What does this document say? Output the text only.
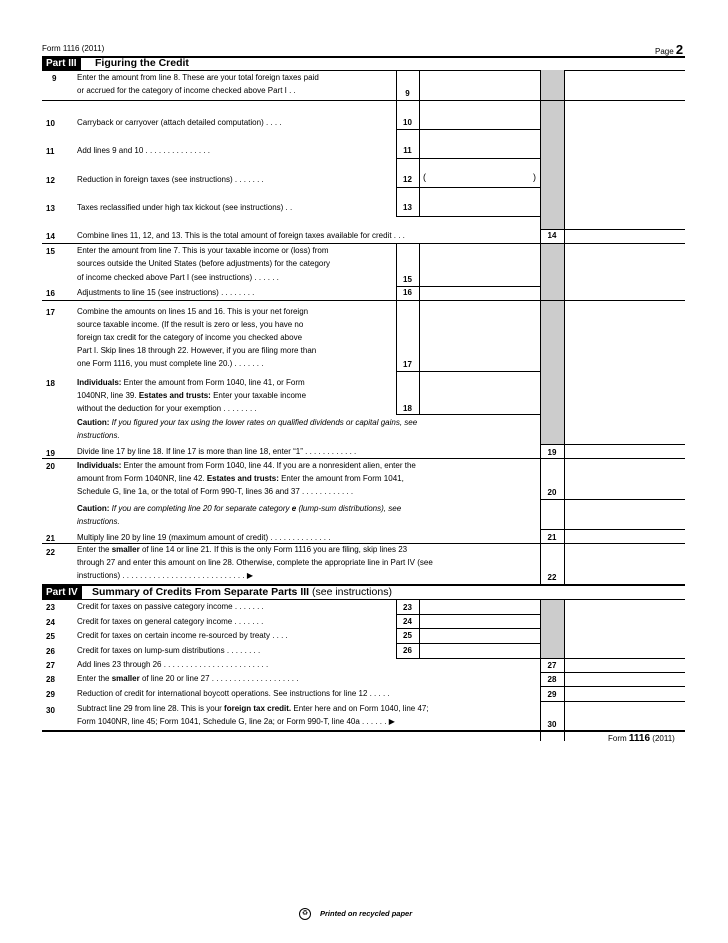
Form 1116 (2011)	Page 2
Part III	Figuring the Credit
9	Enter the amount from line 8. These are your total foreign taxes paid
or accrued for the category of income checked above Part I . .	9
10	Carryback or carryover (attach detailed computation) . . . .	10
11	Add lines 9 and 10 . . . . . . . . . . . . . . .	11
12	Reduction in foreign taxes (see instructions) . . . . . . .	12	(	)
13	Taxes reclassified under high tax kickout (see instructions) . .	13
14	Combine lines 11, 12, and 13. This is the total amount of foreign taxes available for credit . . .	14
15	Enter the amount from line 7. This is your taxable income or (loss) from
sources outside the United States (before adjustments) for the category
of income checked above Part I (see instructions) . . . . . .	15
16	Adjustments to line 15 (see instructions) . . . . . . . .	16
17	Combine the amounts on lines 15 and 16. This is your net foreign
source taxable income. (If the result is zero or less, you have no
foreign tax credit for the category of income you checked above
Part I. Skip lines 18 through 22. However, if you are filing more than
one Form 1116, you must complete line 20.) . . . . . . .	17
18	Individuals: Enter the amount from Form 1040, line 41, or Form
1040NR, line 39. Estates and trusts: Enter your taxable income
without the deduction for your exemption . . . . . . . .	18
Caution: If you figured your tax using the lower rates on qualified dividends or capital gains, see
instructions.
19	Divide line 17 by line 18. If line 17 is more than line 18, enter “1” . . . . . . . . . . . .	19
20	Individuals: Enter the amount from Form 1040, line 44. If you are a nonresident alien, enter the
amount from Form 1040NR, line 42. Estates and trusts: Enter the amount from Form 1041,
Schedule G, line 1a, or the total of Form 990-T, lines 36 and 37 . . . . . . . . . . . .	20
Caution: If you are completing line 20 for separate category e (lump-sum distributions), see
instructions.
21	Multiply line 20 by line 19 (maximum amount of credit) . . . . . . . . . . . . . .	21
22	Enter the smaller of line 14 or line 21. If this is the only Form 1116 you are filing, skip lines 23
through 27 and enter this amount on line 28. Otherwise, complete the appropriate line in Part IV (see
instructions) . . . . . . . . . . . . . . . . . . . . . . . . . . . . ▶	22
Part IV	Summary of Credits From Separate Parts III (see instructions)
23	Credit for taxes on passive category income . . . . . . .	23
24	Credit for taxes on general category income . . . . . . .	24
25	Credit for taxes on certain income re-sourced by treaty . . . .	25
26	Credit for taxes on lump-sum distributions . . . . . . . .	26
27	Add lines 23 through 26 . . . . . . . . . . . . . . . . . . . . . . . .	27
28	Enter the smaller of line 20 or line 27 . . . . . . . . . . . . . . . . . . . .	28
29	Reduction of credit for international boycott operations. See instructions for line 12 . . . . .	29
30	Subtract line 29 from line 28. This is your foreign tax credit. Enter here and on Form 1040, line 47;
Form 1040NR, line 45; Form 1041, Schedule G, line 2a; or Form 990-T, line 40a . . . . . . ▶	30
Form 1116 (2011)
♻	Printed on recycled paper
